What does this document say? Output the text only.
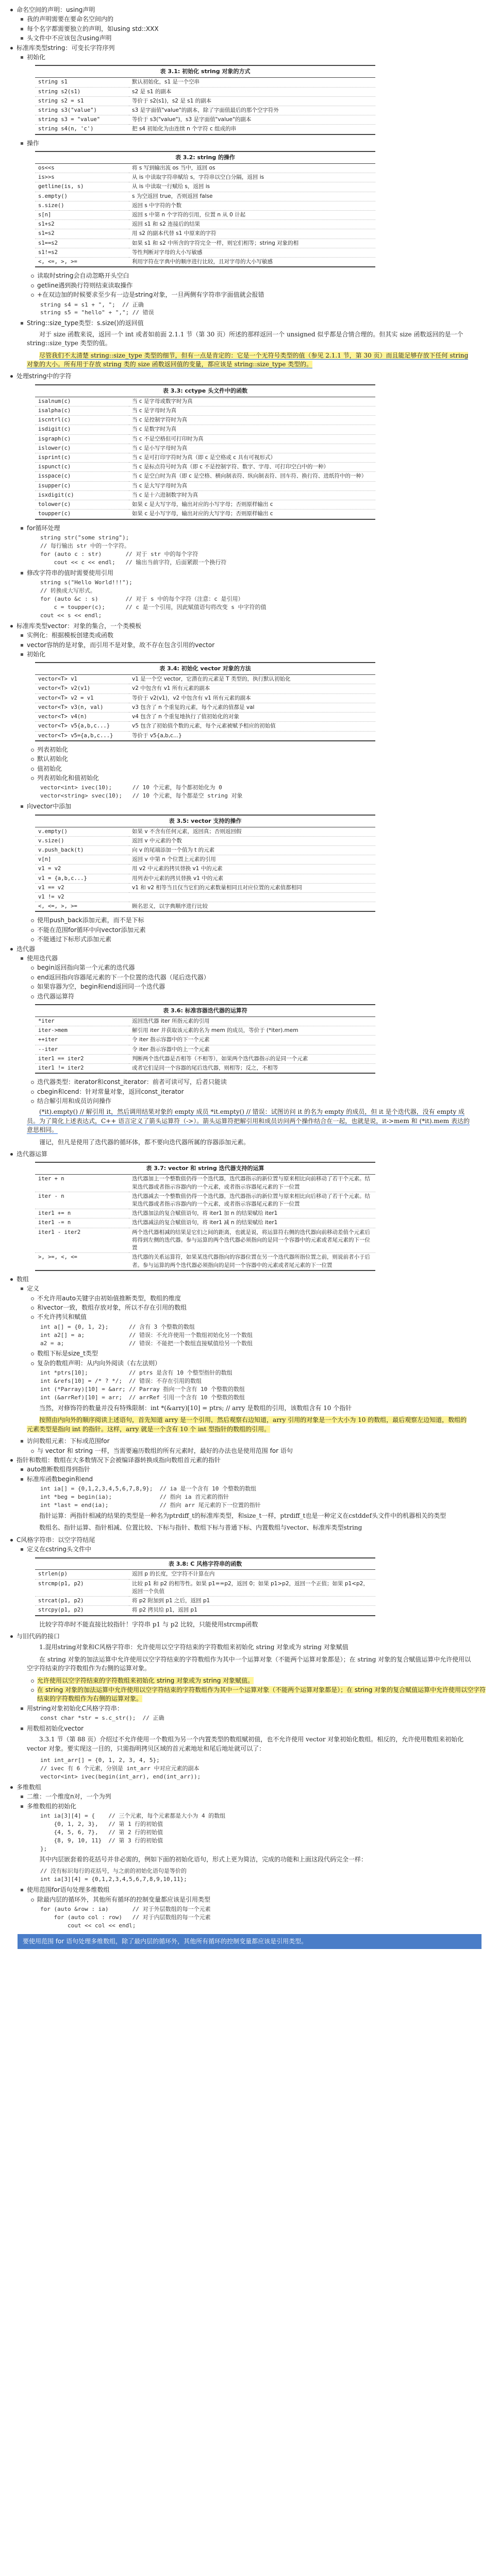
命名空间的声明：using声明
我的声明需要在要命名空间内的
每个名字都需要独立的声明，如using std::XXX
头文件中不应该包含using声明
标准库类型string：可变长字符序列
初始化
表 3.1: 初始化 string 对象的方式
string s1	默认初始化，s1 是一个空串
string s2(s1)	s2 是 s1 的副本
string s2 = s1	等价于 s2(s1)，s2 是 s1 的副本
string s3("value")	s3 是字面值"value"的副本，除了字面值最后的那个空字符外
string s3 = "value"	等价于 s3("value")，s3 是字面值"value"的副本
string s4(n, 'c')	把 s4 初始化为由连续 n 个字符 c 组成的串
操作
表 3.2: string 的操作
os<<s	将 s 写到输出流 os 当中，返回 os
is>>s	从 is 中读取字符串赋给 s，字符串以空白分隔，返回 is
getline(is, s)	从 is 中读取一行赋给 s，返回 is
s.empty()	s 为空返回 true，否则返回 false
s.size()	返回 s 中字符的个数
s[n]	返回 s 中第 n 个字符的引用，位置 n 从 0 计起
s1+s2	返回 s1 和 s2 连接后的结果
s1=s2	用 s2 的副本代替 s1 中原来的字符
s1==s2	如果 s1 和 s2 中所含的字符完全一样，则它们相等；string 对象的相
s1!=s2	等性判断对字母的大小写敏感
<, <=, >, >=	利用字符在字典中的顺序进行比较，且对字母的大小写敏感
读取时string会自动忽略开头空白
getline遇到换行符则结束读取操作
+在双边加的时候要求至少有一边是string对象，一旦两侧有字符串字面值就会报错
string s4 = s1 + ", ";  // 正确
string s5 = "hello" + ","; // 错误
String::size_type类型：s.size()的返回值
对于 size 函数来说，返回一个 int 或者如前面 2.1.1 节（第 30 页）所述的那样返回一个 unsigned 似乎都是合情合理的。但其实 size 函数返回的是一个 string::size_type 类型的值。
尽管我们不太清楚 string::size_type 类型的细节，但有一点是肯定的：它是一个无符号类型的值（参见 2.1.1 节，第 30 页）而且能足够存放下任何 string 对象的大小。所有用于存放 string 类的 size 函数返回值的变量，都应该是 string::size_type 类型的。
处理string中的字符
表 3.3: cctype 头文件中的函数
isalnum(c)	当 c 是字母或数字时为真
isalpha(c)	当 c 是字母时为真
iscntrl(c)	当 c 是控制字符时为真
isdigit(c)	当 c 是数字时为真
isgraph(c)	当 c 不是空格但可打印时为真
islower(c)	当 c 是小写字母时为真
isprint(c)	当 c 是可打印字符时为真（即 c 是空格或 c 具有可视形式）
ispunct(c)	当 c 是标点符号时为真（即 c 不是控制字符、数字、字母、可打印空白中的一种）
isspace(c)	当 c 是空白时为真（即 c 是空格、横向制表符、纵向制表符、回车符、换行符、进纸符中的一种）
isupper(c)	当 c 是大写字母时为真
isxdigit(c)	当 c 是十六进制数字时为真
tolower(c)	如果 c 是大写字母，输出对应的小写字母；否则原样输出 c
toupper(c)	如果 c 是小写字母，输出对应的大写字母；否则原样输出 c
for循环处理
string str("some string");
// 每行输出 str 中的一个字符。
for (auto c : str)       // 对于 str 中的每个字符
cout << c << endl;   // 输出当前字符，后面紧跟一个换行符
修改字符串的值时需要使用引用
string s("Hello World!!!");
// 转换成大写形式。
for (auto &c : s)        // 对于 s 中的每个字符（注意：c 是引用）
c = toupper(c);      // c 是一个引用，因此赋值语句将改变 s 中字符的值
cout << s << endl;
标准库类型vector：对象的集合，一个类模板
实例化：根据模板创建类或函数
vector容纳的是对象，而引用不是对象，故不存在包含引用的vector
初始化
表 3.4: 初始化 vector 对象的方法
vector<T> v1	v1 是一个空 vector，它潜在的元素是 T 类型的，执行默认初始化
vector<T> v2(v1)	v2 中包含有 v1 所有元素的副本
vector<T> v2 = v1	等价于 v2(v1)，v2 中包含有 v1 所有元素的副本
vector<T> v3(n, val)	v3 包含了 n 个重复的元素，每个元素的值都是 val
vector<T> v4(n)	v4 包含了 n 个重复地执行了值初始化的对象
vector<T> v5{a,b,c...}	v5 包含了初始值个数的元素，每个元素被赋予相应的初始值
vector<T> v5={a,b,c...}	等价于 v5{a,b,c...}
列表初始化
默认初始化
值初始化
列表初始化和值初始化
vector<int> ivec(10);      // 10 个元素，每个都初始化为 0
vector<string> svec(10);   // 10 个元素，每个都是空 string 对象
向vector中添加
表 3.5: vector 支持的操作
v.empty()	如果 v 不含有任何元素，返回真；否则返回假
v.size()	返回 v 中元素的个数
v.push_back(t)	向 v 的尾端添加一个值为 t 的元素
v[n]	返回 v 中第 n 个位置上元素的引用
v1 = v2	用 v2 中元素的拷贝替换 v1 中的元素
v1 = {a,b,c...}	用列表中元素的拷贝替换 v1 中的元素
v1 == v2	v1 和 v2 相等当且仅当它们的元素数量相同且对应位置的元素值都相同
v1 != v2	
<, <=, >, >=	顾名思义，以字典顺序进行比较
使用push_back添加元素，而不是下标
不能在范围for循环中向vector添加元素
不能通过下标形式添加元素
迭代器
使用迭代器
begin返回指向第一个元素的迭代器
end返回指向容器尾元素的下一个位置的迭代器（尾后迭代器）
如果容器为空，begin和end返回同一个迭代器
迭代器运算符
表 3.6: 标准容器迭代器的运算符
*iter	返回迭代器 iter 所指元素的引用
iter->mem	解引用 iter 并获取该元素的名为 mem 的成员，等价于 (*iter).mem
++iter	令 iter 指示容器中的下一个元素
--iter	令 iter 指示容器中的上一个元素
iter1 == iter2	判断两个迭代器是否相等（不相等），如果两个迭代器指示的是同一个元素
iter1 != iter2	或者它们是同一个容器的尾后迭代器，则相等；反之，不相等
迭代器类型：iterator和const_iterator：前者可读可写，后者只能读
cbegin和cend：针对常量对象，返回const_iterator
结合解引用和成员访问操作
(*it).empty() // 解引用 it，然后调用结果对象的 empty 成员 *it.empty() // 错误：试图访问 it 的名为 empty 的成员，但 it 是个迭代器，没有 empty 成员。为了简化上述表达式，C++ 语言定义了箭头运算符（->）。箭头运算符把解引用和成员访问两个操作结合在一起，也就是说，it->mem 和 (*it).mem 表达的意思相同。
谨记，但凡是使用了迭代器的循环体，都不要向迭代器所属的容器添加元素。
迭代器运算
表 3.7: vector 和 string 迭代器支持的运算
iter + n	迭代器加上一个整数值仍得一个迭代器，迭代器指示的新位置与原来相比向前移动了若干个元素。结果迭代器或者指示容器内的一个元素，或者指示容器尾元素的下一位置
iter - n	迭代器减去一个整数值仍得一个迭代器，迭代器指示的新位置与原来相比向后移动了若干个元素。结果迭代器或者指示容器内的一个元素，或者指示容器尾元素的下一位置
iter1 += n	迭代器加法的复合赋值语句，将 iter1 加 n 的结果赋给 iter1
iter1 -= n	迭代器减法的复合赋值语句，将 iter1 减 n 的结果赋给 iter1
iter1 - iter2	两个迭代器相减的结果是它们之间的距离，也就是说，将运算符右侧的迭代器向前移动差值个元素后将得到左侧的迭代器。参与运算的两个迭代器必须指向的是同一个容器中的元素或者尾元素的下一位置
>, >=, <, <=	迭代器的关系运算符，如果某迭代器指向的容器位置在另一个迭代器所指位置之前，则说前者小于后者。参与运算的两个迭代器必须指向的是同一个容器中的元素或者尾元素的下一位置
数组
定义
不允许用auto关键字由初始值推断类型，数组的维度
和vector一致，数组存放对象，所以不存在引用的数组
不允许拷贝和赋值
int a[] = {0, 1, 2};      // 含有 3 个整数的数组
int a2[] = a;             // 错误：不允许使用一个数组初始化另一个数组
a2 = a;                   // 错误：不能把一个数组直接赋值给另一个数组
数组下标是size_t类型
复杂的数组声明：从内向外阅读（右左法则）
int *ptrs[10];            // ptrs 是含有 10 个整型指针的数组
int &refs[10] = /* ? */;  // 错误：不存在引用的数组
int (*Parray)[10] = &arr; // Parray 指向一个含有 10 个整数的数组
int (&arrRef)[10] = arr;  // arrRef 引用一个含有 10 个整数的数组
当然，对修饰符的数量并没有特殊限制：int *(&arry)[10] = ptrs; // arry 是数组的引用，该数组含有 10 个指针
按照由内向外的顺序阅读上述语句，首先知道 arry 是一个引用，然后观察右边知道，arry 引用的对象是一个大小为 10 的数组，最后观察左边知道，数组的元素类型是指向 int 的指针。这样，arry 就是一个含有 10 个 int 型指针的数组的引用。
访问数组元素：下标或范围for
与 vector 和 string 一样，当需要遍历数组的所有元素时，最好的办法也是使用范围 for 语句
指针和数组：数组在大多数情况下会被编译器转换成指向数组首元素的指针
auto推断数组得到指针
标准库函数begin和end
int ia[] = {0,1,2,3,4,5,6,7,8,9};  // ia 是一个含有 10 个整数的数组
int *beg = begin(ia);              // 指向 ia 首元素的指针
int *last = end(ia);               // 指向 arr 尾元素的下一位置的指针
指针运算：两指针相减的结果的类型是一种名为ptrdiff_t的标准库类型，和size_t一样，ptrdiff_t也是一种定义在cstddef头文件中的机器相关的类型
数组名、指针运算、指针相减、位置比较、下标与指针、数组下标与普通下标、内置数组与vector、标准库类型string
C风格字符串：以空字符结尾
定义在cstring头文件中
表 3.8: C 风格字符串的函数
strlen(p)	返回 p 的长度，空字符不计算在内
strcmp(p1, p2)	比较 p1 和 p2 的相等性。如果 p1==p2，返回 0；如果 p1>p2，返回一个正值；如果 p1<p2，返回一个负值
strcat(p1, p2)	将 p2 附加到 p1 之后，返回 p1
strcpy(p1, p2)	将 p2 拷贝给 p1，返回 p1
比较字符串时不能直接比较指针！字符串 p1 与 p2 比较，只能使用strcmp函数
与旧代码的接口
1.混用string对象和C风格字符串：允许使用以空字符结束的字符数组来初始化 string 对象或为 string 对象赋值
在 string 对象的加法运算中允许使用以空字符结束的字符数组作为其中一个运算对象（不能两个运算对象都是）；在 string 对象的复合赋值运算中允许使用以空字符结束的字符数组作为右侧的运算对象。
允许使用以空字符结束的字符数组来初始化 string 对象或为 string 对象赋值。
在 string 对象的加法运算中允许使用以空字符结束的字符数组作为其中一个运算对象（不能两个运算对象都是）；在 string 对象的复合赋值运算中允许使用以空字符结束的字符数组作为右侧的运算对象。
用string对象初始化C风格字符串：
const char *str = s.c_str();  // 正确
用数组初始化vector
3.3.1 节（第 88 页）介绍过不允许使用一个数组为另一个内置类型的数组赋初值，也不允许使用 vector 对象初始化数组。相反的，允许使用数组来初始化 vector 对象。要实现这一目的，只需指明拷贝区域的首元素地址和尾后地址就可以了：
int int_arr[] = {0, 1, 2, 3, 4, 5};
// ivec 有 6 个元素，分别是 int_arr 中对应元素的副本
vector<int> ivec(begin(int_arr), end(int_arr));
多维数组
二维：一个维度n对，一个为列
多维数组的初始化
int ia[3][4] = {    // 三个元素，每个元素都是大小为 4 的数组
{0, 1, 2, 3},   // 第 1 行的初始值
{4, 5, 6, 7},   // 第 2 行的初始值
{8, 9, 10, 11}  // 第 3 行的初始值
};
其中内层嵌套着的花括号并非必需的，例如下面的初始化语句，形式上更为简洁，完成的功能和上面这段代码完全一样：
// 没有标识每行的花括号，与之前的初始化语句是等价的
int ia[3][4] = {0,1,2,3,4,5,6,7,8,9,10,11};
使用范围for语句处理多维数组
除最内层的循环外，其他所有循环的控制变量都应该是引用类型
for (auto &row : ia)       // 对于外层数组的每一个元素
for (auto col : row)   // 对于内层数组的每一个元素
cout << col << endl;
要使用范围 for 语句处理多维数组，除了最内层的循环外，其他所有循环的控制变量都应该是引用类型。
